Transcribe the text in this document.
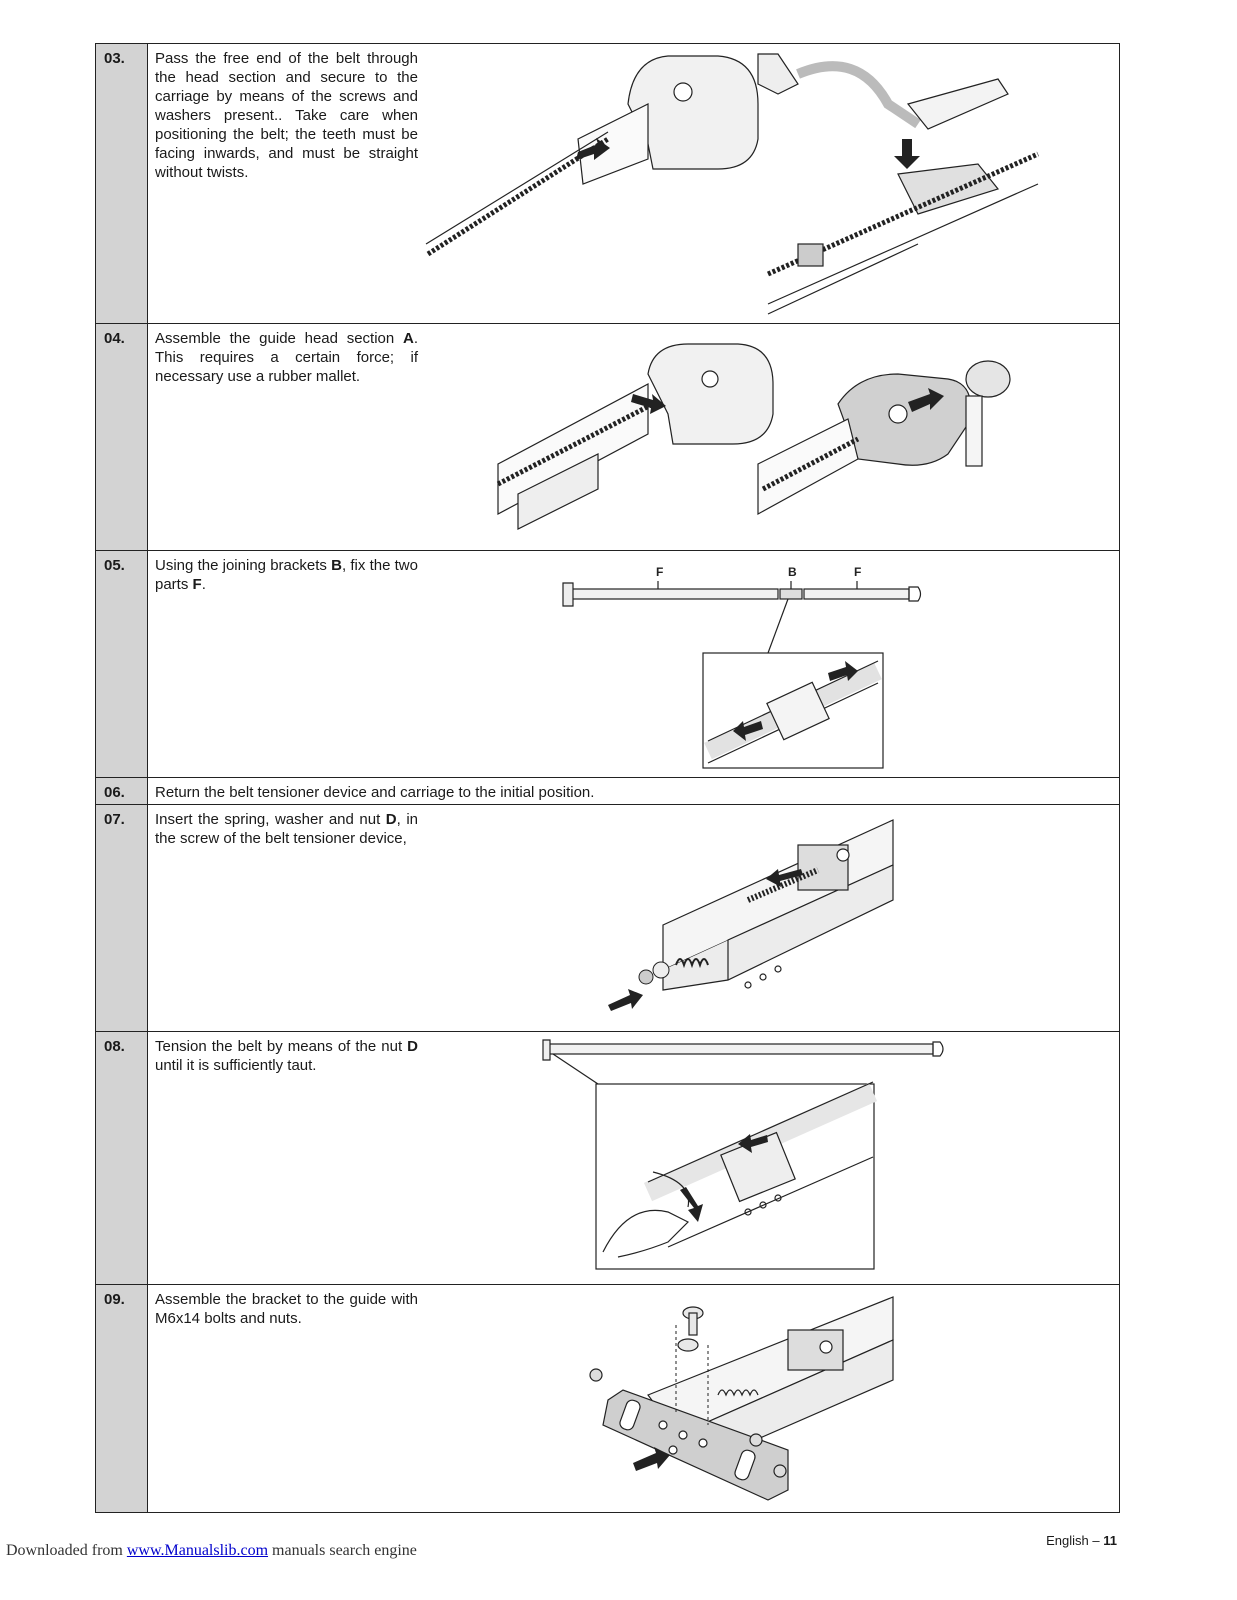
03.	Pass the free end of the belt through the head section and secure to the carriage by means of the screws and washers present.. Take care when positioning the belt; the teeth must be facing inwards, and must be straight without twists.
04.	Assemble the guide head section A. This requires a certain force; if necessary use a rubber mallet.
05.	Using the joining brackets B, fix the two parts F.
F	B	F
06.	Return the belt tensioner device and carriage to the initial position.
07.	Insert the spring, washer and nut D, in the screw of the belt tensioner device,
08.	Tension the belt by means of the nut D until it is sufficiently taut.
09.	Assemble the bracket to the guide with M6x14 bolts and nuts.
English – 11
Downloaded from www.Manualslib.com manuals search engine
